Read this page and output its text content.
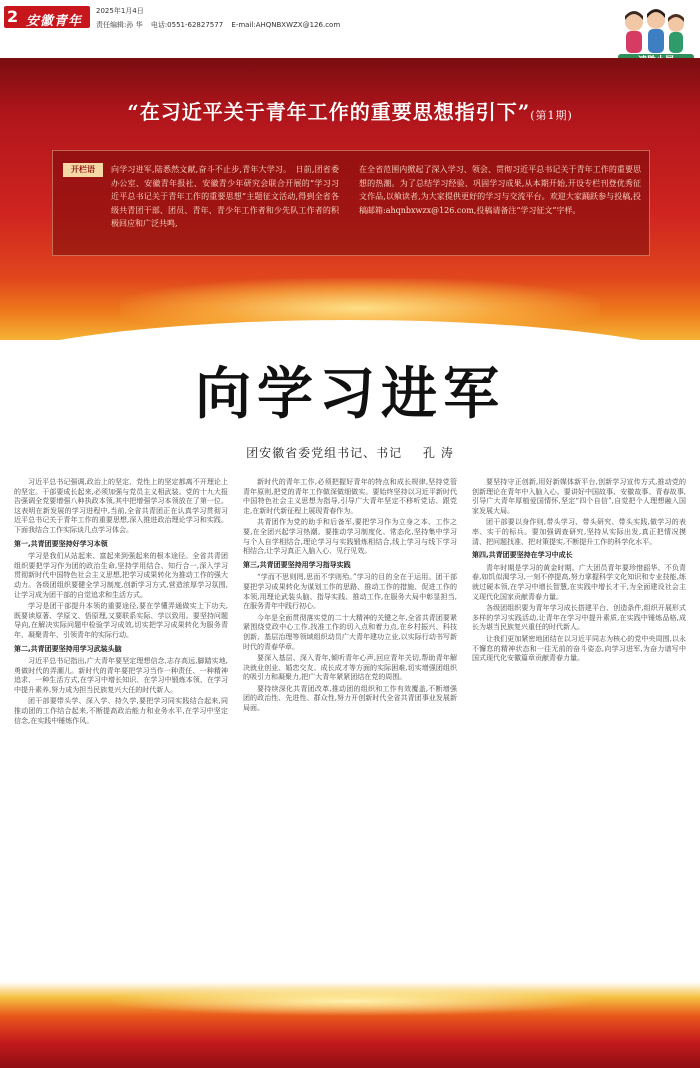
2 安徽青年报
2025年1月4日
责任编辑:孙 华 电话:0551-62827577 E-mail:AHQNBXWZX@126.com
“在习近平关于青年工作的重要思想指引下”(第1期)
开栏语	向学习进军,陆悉然文献,奋斗不止步,青年大学习。　日前,团省委办公室、安徽青年报社、安徽青少年研究会联合开展的“学习习近平总书记关于青年工作的重要思想”主题征文活动,得到全省各级共青团干部、团员、青年、青少年工作者和少先队工作者的积极回应和广泛共鸣,
在全省范围内掀起了深入学习、领会、贯彻习近平总书记关于青年工作的重要思想的热潮。为了总结学习经验、巩固学习成果,从本期开始,开设专栏刊登优秀征文作品,以飨读者,为大家提供更好的学习与交流平台。欢迎大家踊跃参与投稿,投稿邮箱:ahqnbxwzx@126.com,投稿请备注“学习征文”字样。
向学习进军
团安徽省委党组书记、书记 孔 涛

习近平总书记强调,政治上的坚定、党性上的坚定都离不开理论上的坚定。干部要成长起来,必须加强与党员主义相武装。党的十九大报告强调全党要增强八种执政本领,其中把增强学习本领放在了第一位。这表明在新发展的学习进程中,当前,全省共青团正在认真学习贯彻习近平总书记关于青年工作的重要思想,深入推进政治理论学习和实践。下面我结合工作实际谈几点学习体会。

第一,共青团要坚持好学习本领

学习是我们从站起来、富起来到强起来的根本途径。全省共青团组织要把学习作为团的政治生命,坚持学用结合、知行合一,深入学习贯彻新时代中国特色社会主义思想,把学习成果转化为推动工作的强大动力。各级团组织要健全学习制度,创新学习方式,营造浓厚学习氛围,让学习成为团干部的自觉追求和生活方式。

学习是团干部提升本领的重要途径,要在学懂弄通做实上下功夫,既要读原著、学原文、悟原理,又要联系实际、学以致用。要坚持问题导向,在解决实际问题中检验学习成效,切实把学习成果转化为服务青年、凝聚青年、引领青年的实际行动。

第二,共青团要坚持用学习武装头脑

习近平总书记指出,广大青年要坚定理想信念,志存高远,脚踏实地,勇做时代的弄潮儿。新时代的青年要把学习当作一种责任、一种精神追求、一种生活方式,在学习中增长知识、在学习中锻炼本领、在学习中提升素养,努力成为担当民族复兴大任的时代新人。

团干部要带头学、深入学、持久学,要把学习同实践结合起来,同推动团的工作结合起来,不断提高政治能力和业务水平,在学习中坚定信念,在实践中锤炼作风。

新时代的青年工作,必须把握好青年的特点和成长规律,坚持党管青年原则,把党的青年工作做深做细做实。要始终坚持以习近平新时代中国特色社会主义思想为指导,引导广大青年坚定不移听党话、跟党走,在新时代新征程上展现青春作为。

共青团作为党的助手和后备军,要把学习作为立身之本、工作之要,在全团兴起学习热潮。要推动学习制度化、常态化,坚持集中学习与个人自学相结合,理论学习与实践锻炼相结合,线上学习与线下学习相结合,让学习真正入脑入心、见行见效。

第三,共青团要坚持用学习指导实践

“学而不思则罔,思而不学则殆。”学习的目的全在于运用。团干部要把学习成果转化为谋划工作的思路、推动工作的措施、促进工作的本领,用理论武装头脑、指导实践、推动工作,在服务大局中彰显担当,在服务青年中践行初心。

今年是全面贯彻落实党的二十大精神的关键之年,全省共青团要紧紧围绕党政中心工作,找准工作的切入点和着力点,在乡村振兴、科技创新、基层治理等领域组织动员广大青年建功立业,以实际行动书写新时代的青春华章。

要深入基层、深入青年,倾听青年心声,回应青年关切,帮助青年解决就业创业、婚恋交友、成长成才等方面的实际困难,切实增强团组织的吸引力和凝聚力,把广大青年紧紧团结在党的周围。

要持续深化共青团改革,推动团的组织和工作有效覆盖,不断增强团的政治性、先进性、群众性,努力开创新时代全省共青团事业发展新局面。

要坚持守正创新,用好新媒体新平台,创新学习宣传方式,推动党的创新理论在青年中入脑入心。要讲好中国故事、安徽故事、青春故事,引导广大青年厚植爱国情怀,坚定“四个自信”,自觉把个人理想融入国家发展大局。

团干部要以身作则,带头学习、带头研究、带头实践,做学习的表率、实干的标兵。要加强调查研究,坚持从实际出发,真正把情况摸清、把问题找准、把对策提实,不断提升工作的科学化水平。

第四,共青团要坚持在学习中成长

青年时期是学习的黄金时期。广大团员青年要珍惜韶华、不负青春,如饥似渴学习,一刻不停提高,努力掌握科学文化知识和专业技能,练就过硬本领,在学习中增长智慧,在实践中增长才干,为全面建设社会主义现代化国家贡献青春力量。

各级团组织要为青年学习成长搭建平台、创造条件,组织开展形式多样的学习实践活动,让青年在学习中提升素质,在实践中锤炼品格,成长为堪当民族复兴重任的时代新人。

让我们更加紧密地团结在以习近平同志为核心的党中央周围,以永不懈怠的精神状态和一往无前的奋斗姿态,向学习进军,为奋力谱写中国式现代化安徽篇章贡献青春力量。
